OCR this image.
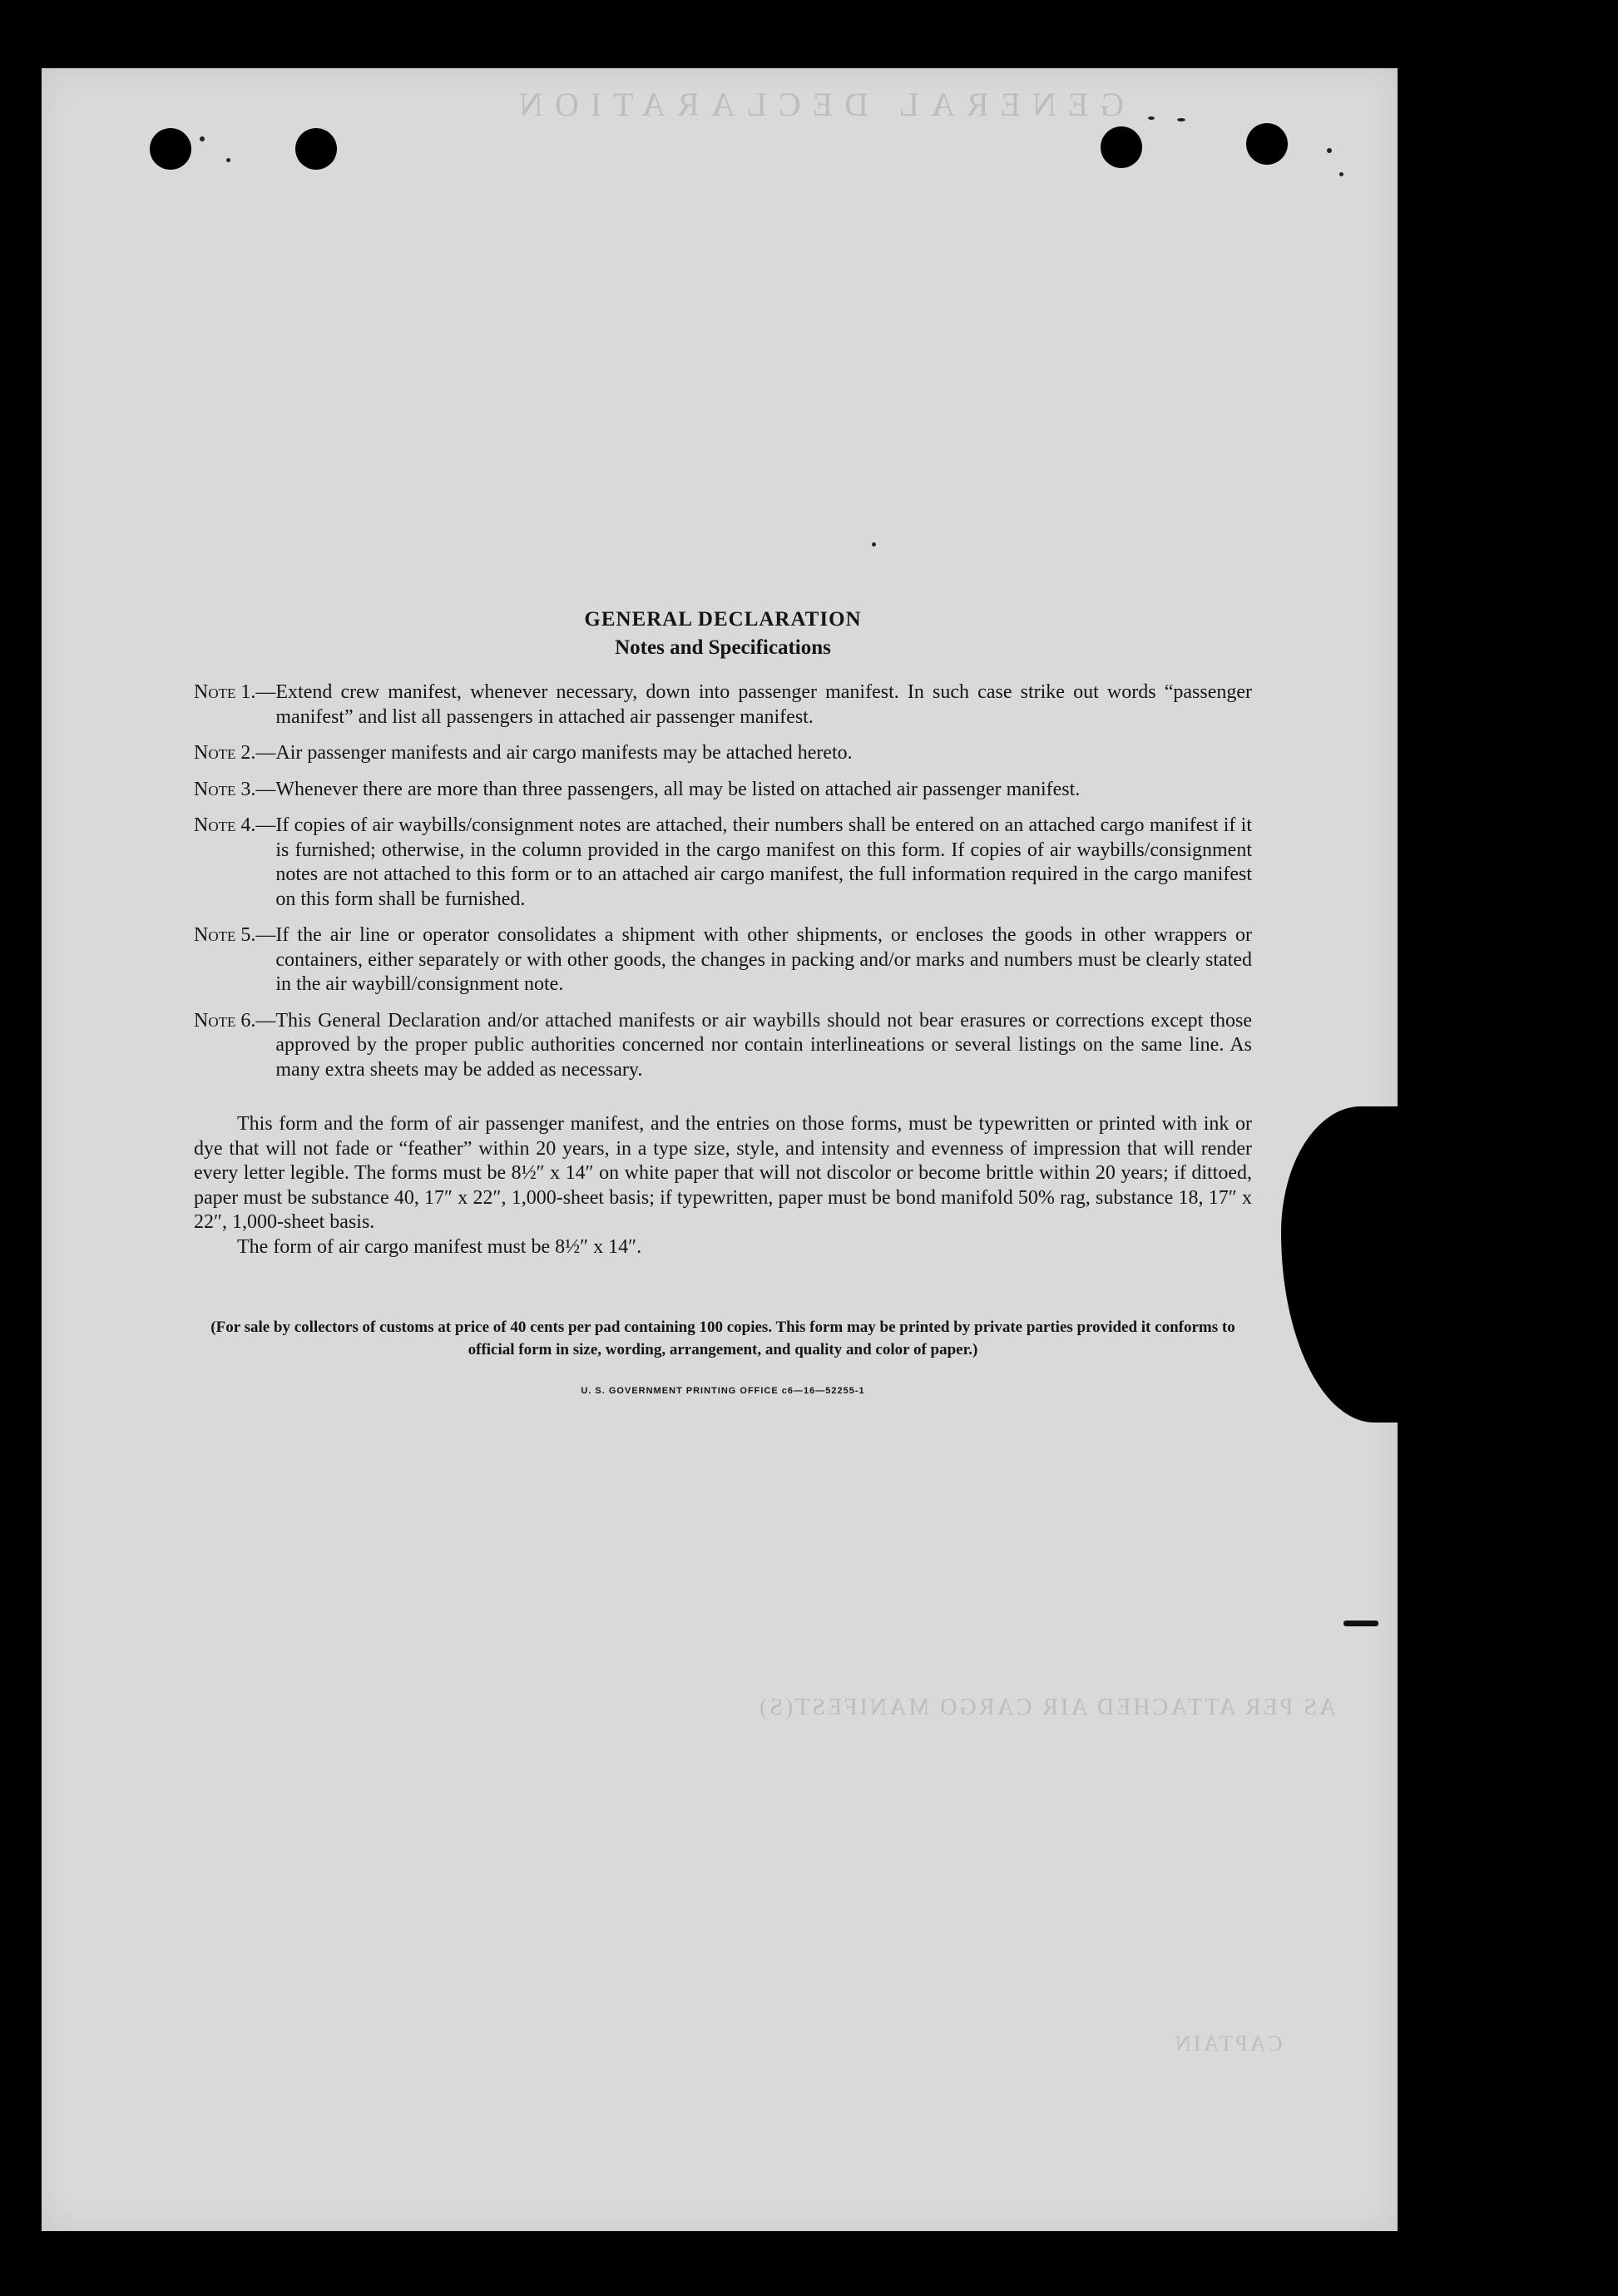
GENERAL DECLARATION
AS PER ATTACHED AIR CARGO MANIFEST(S)
CAPTAIN

GENERAL DECLARATION

Notes and Specifications

Note 1.— Extend crew manifest, whenever necessary, down into passenger manifest. In such case strike out words “passenger manifest” and list all passengers in attached air passenger manifest.
Note 2.— Air passenger manifests and air cargo manifests may be attached hereto.
Note 3.— Whenever there are more than three passengers, all may be listed on attached air passenger manifest.
Note 4.— If copies of air waybills/consignment notes are attached, their numbers shall be entered on an attached cargo manifest if it is furnished; otherwise, in the column provided in the cargo manifest on this form. If copies of air waybills/consignment notes are not attached to this form or to an attached air cargo manifest, the full information required in the cargo manifest on this form shall be furnished.
Note 5.— If the air line or operator consolidates a shipment with other shipments, or encloses the goods in other wrappers or containers, either separately or with other goods, the changes in packing and/or marks and numbers must be clearly stated in the air waybill/consignment note.
Note 6.— This General Declaration and/or attached manifests or air waybills should not bear erasures or corrections except those approved by the proper public authorities concerned nor contain interlineations or several listings on the same line. As many extra sheets may be added as necessary.

This form and the form of air passenger manifest, and the entries on those forms, must be typewritten or printed with ink or dye that will not fade or “feather” within 20 years, in a type size, style, and intensity and evenness of impression that will render every letter legible. The forms must be 8½″ x 14″ on white paper that will not discolor or become brittle within 20 years; if dittoed, paper must be substance 40, 17″ x 22″, 1,000-sheet basis; if typewritten, paper must be bond manifold 50% rag, substance 18, 17″ x 22″, 1,000-sheet basis.

The form of air cargo manifest must be 8½″ x 14″.

(For sale by collectors of customs at price of 40 cents per pad containing 100 copies. This form may be printed by private parties provided it conforms to official form in size, wording, arrangement, and quality and color of paper.)
U. S. GOVERNMENT PRINTING OFFICE c6—16—52255-1
